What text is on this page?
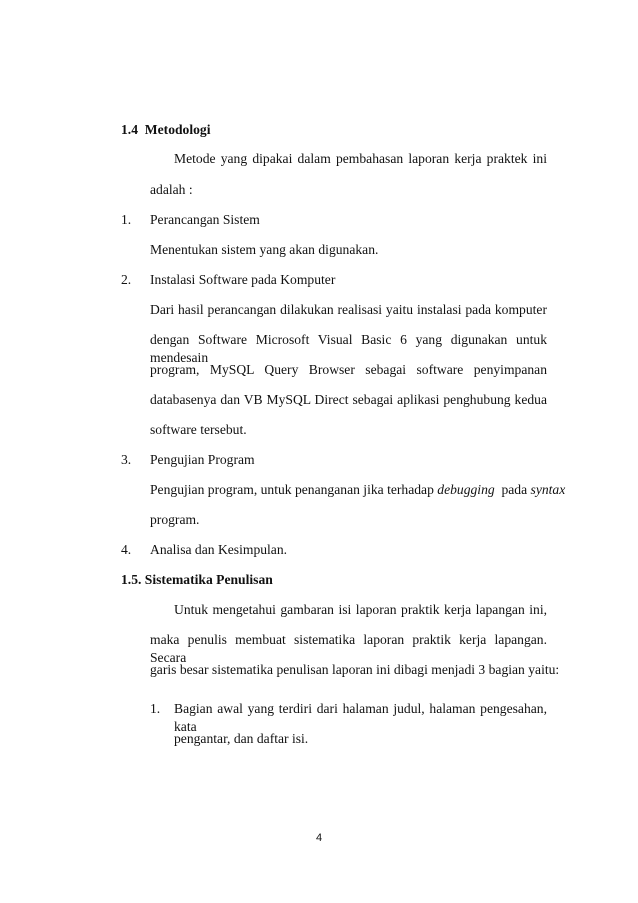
1.4 Metodologi
Metode yang dipakai dalam pembahasan laporan kerja praktek ini
adalah :
1. Perancangan Sistem
Menentukan sistem yang akan digunakan.
2. Instalasi Software pada Komputer
Dari hasil perancangan dilakukan realisasi yaitu instalasi pada komputer
dengan Software Microsoft Visual Basic 6 yang digunakan untuk mendesain
program, MySQL Query Browser sebagai software penyimpanan
databasenya dan VB MySQL Direct sebagai aplikasi penghubung kedua
software tersebut.
3. Pengujian Program
Pengujian program, untuk penanganan jika terhadap debugging  pada syntax
program.
4. Analisa dan Kesimpulan.
1.5. Sistematika Penulisan
Untuk mengetahui gambaran isi laporan praktik kerja lapangan ini,
maka penulis membuat sistematika laporan praktik kerja lapangan. Secara
garis besar sistematika penulisan laporan ini dibagi menjadi 3 bagian yaitu:
1. Bagian awal yang terdiri dari halaman judul, halaman pengesahan, kata
pengantar, dan daftar isi.
4
